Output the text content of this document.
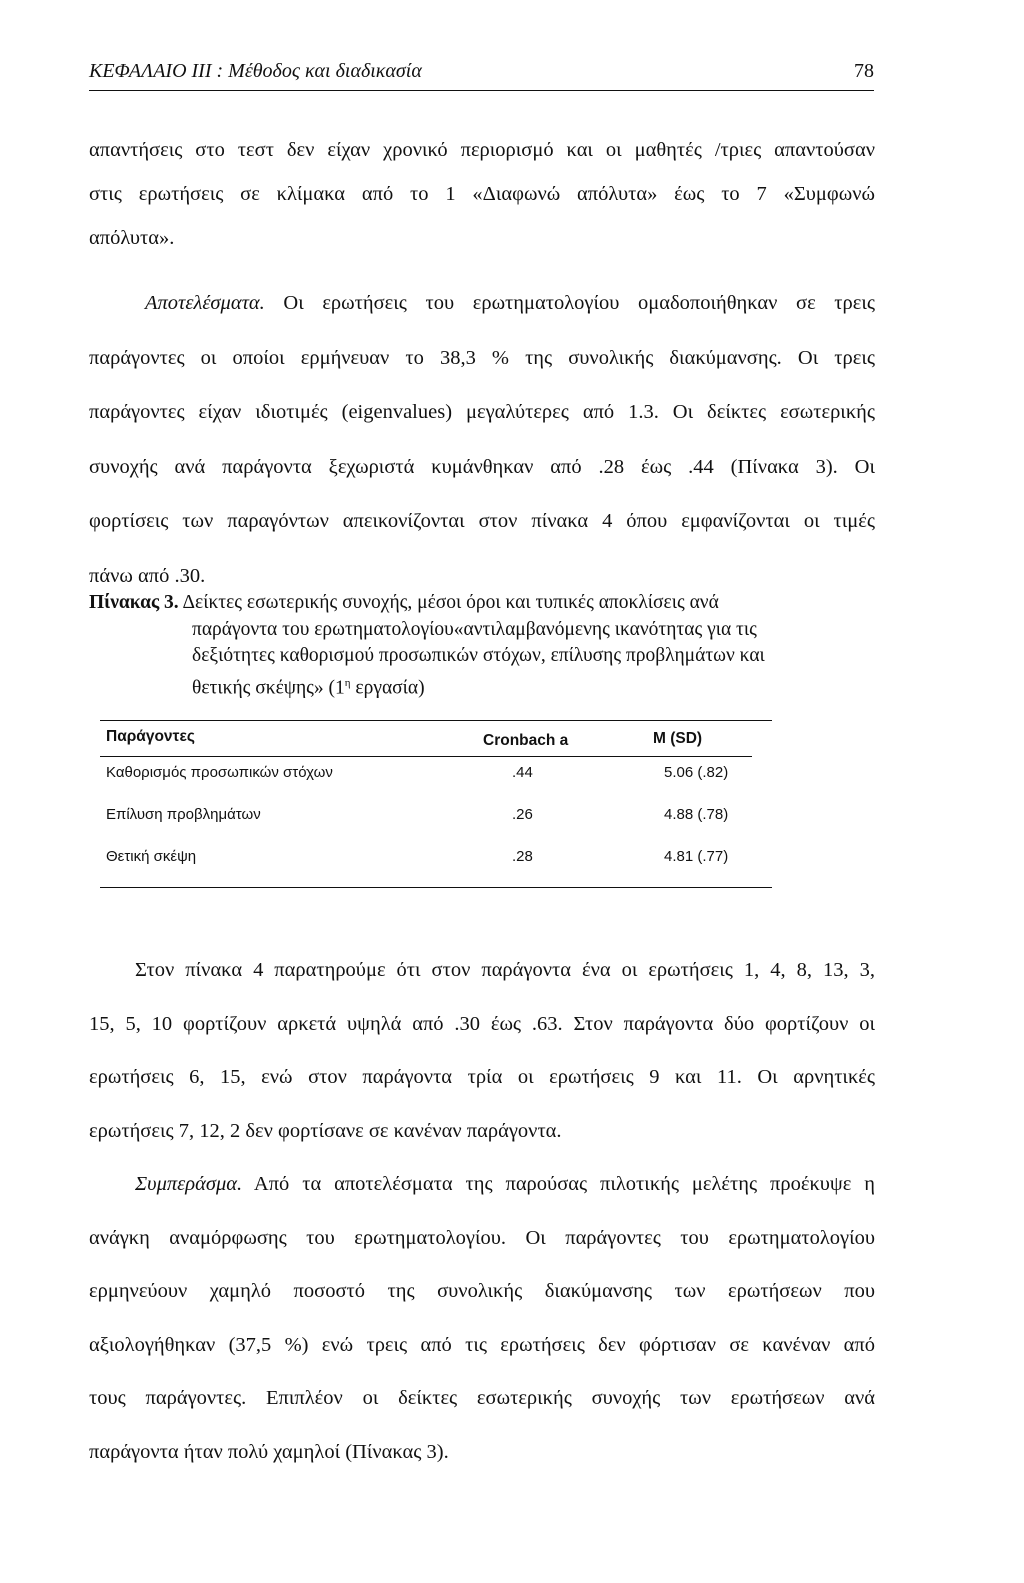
ΚΕΦΑΛΑΙΟ ΙΙΙ : Μέθοδος και διαδικασία	78
απαντήσεις στο τεστ δεν είχαν χρονικό περιορισμό και οι μαθητές /τριες απαντούσαν
στις ερωτήσεις σε κλίμακα από το 1 «Διαφωνώ απόλυτα» έως το 7 «Συμφωνώ
απόλυτα».
Αποτελέσματα. Οι ερωτήσεις του ερωτηματολογίου ομαδοποιήθηκαν σε τρεις
παράγοντες οι οποίοι ερμήνευαν το 38,3 % της συνολικής διακύμανσης. Οι τρεις
παράγοντες είχαν ιδιοτιμές (eigenvalues) μεγαλύτερες από 1.3. Οι δείκτες εσωτερικής
συνοχής ανά παράγοντα ξεχωριστά κυμάνθηκαν από .28 έως .44 (Πίνακα 3). Οι
φορτίσεις των παραγόντων απεικονίζονται στον πίνακα 4 όπου εμφανίζονται οι τιμές
πάνω από .30.
Πίνακας 3. Δείκτες εσωτερικής συνοχής, μέσοι όροι και τυπικές αποκλίσεις ανά
παράγοντα του ερωτηματολογίου«αντιλαμβανόμενης ικανότητας για τις
δεξιότητες καθορισμού προσωπικών στόχων, επίλυσης προβλημάτων και
θετικής σκέψης» ($1^\eta$ εργασία)
Παράγοντες	Cronbach a	M (SD)
Καθορισμός προσωπικών στόχων	.44	5.06 (.82)
Επίλυση προβλημάτων	.26	4.88 (.78)
Θετική σκέψη	.28	4.81 (.77)
Στον πίνακα 4 παρατηρούμε ότι στον παράγοντα ένα οι ερωτήσεις 1, 4, 8, 13, 3,
15, 5, 10 φορτίζουν αρκετά υψηλά από .30 έως .63. Στον παράγοντα δύο φορτίζουν οι
ερωτήσεις 6, 15, ενώ στον παράγοντα τρία οι ερωτήσεις 9 και 11. Οι αρνητικές
ερωτήσεις 7, 12, 2 δεν φορτίσανε σε κανέναν παράγοντα.
Συμπεράσμα. Από τα αποτελέσματα της παρούσας πιλοτικής μελέτης προέκυψε η
ανάγκη αναμόρφωσης του ερωτηματολογίου. Οι παράγοντες του ερωτηματολογίου
ερμηνεύουν χαμηλό ποσοστό της συνολικής διακύμανσης των ερωτήσεων που
αξιολογήθηκαν (37,5 %) ενώ τρεις από τις ερωτήσεις δεν φόρτισαν σε κανέναν από
τους παράγοντες. Επιπλέον οι δείκτες εσωτερικής συνοχής των ερωτήσεων ανά
παράγοντα ήταν πολύ χαμηλοί (Πίνακας 3).
